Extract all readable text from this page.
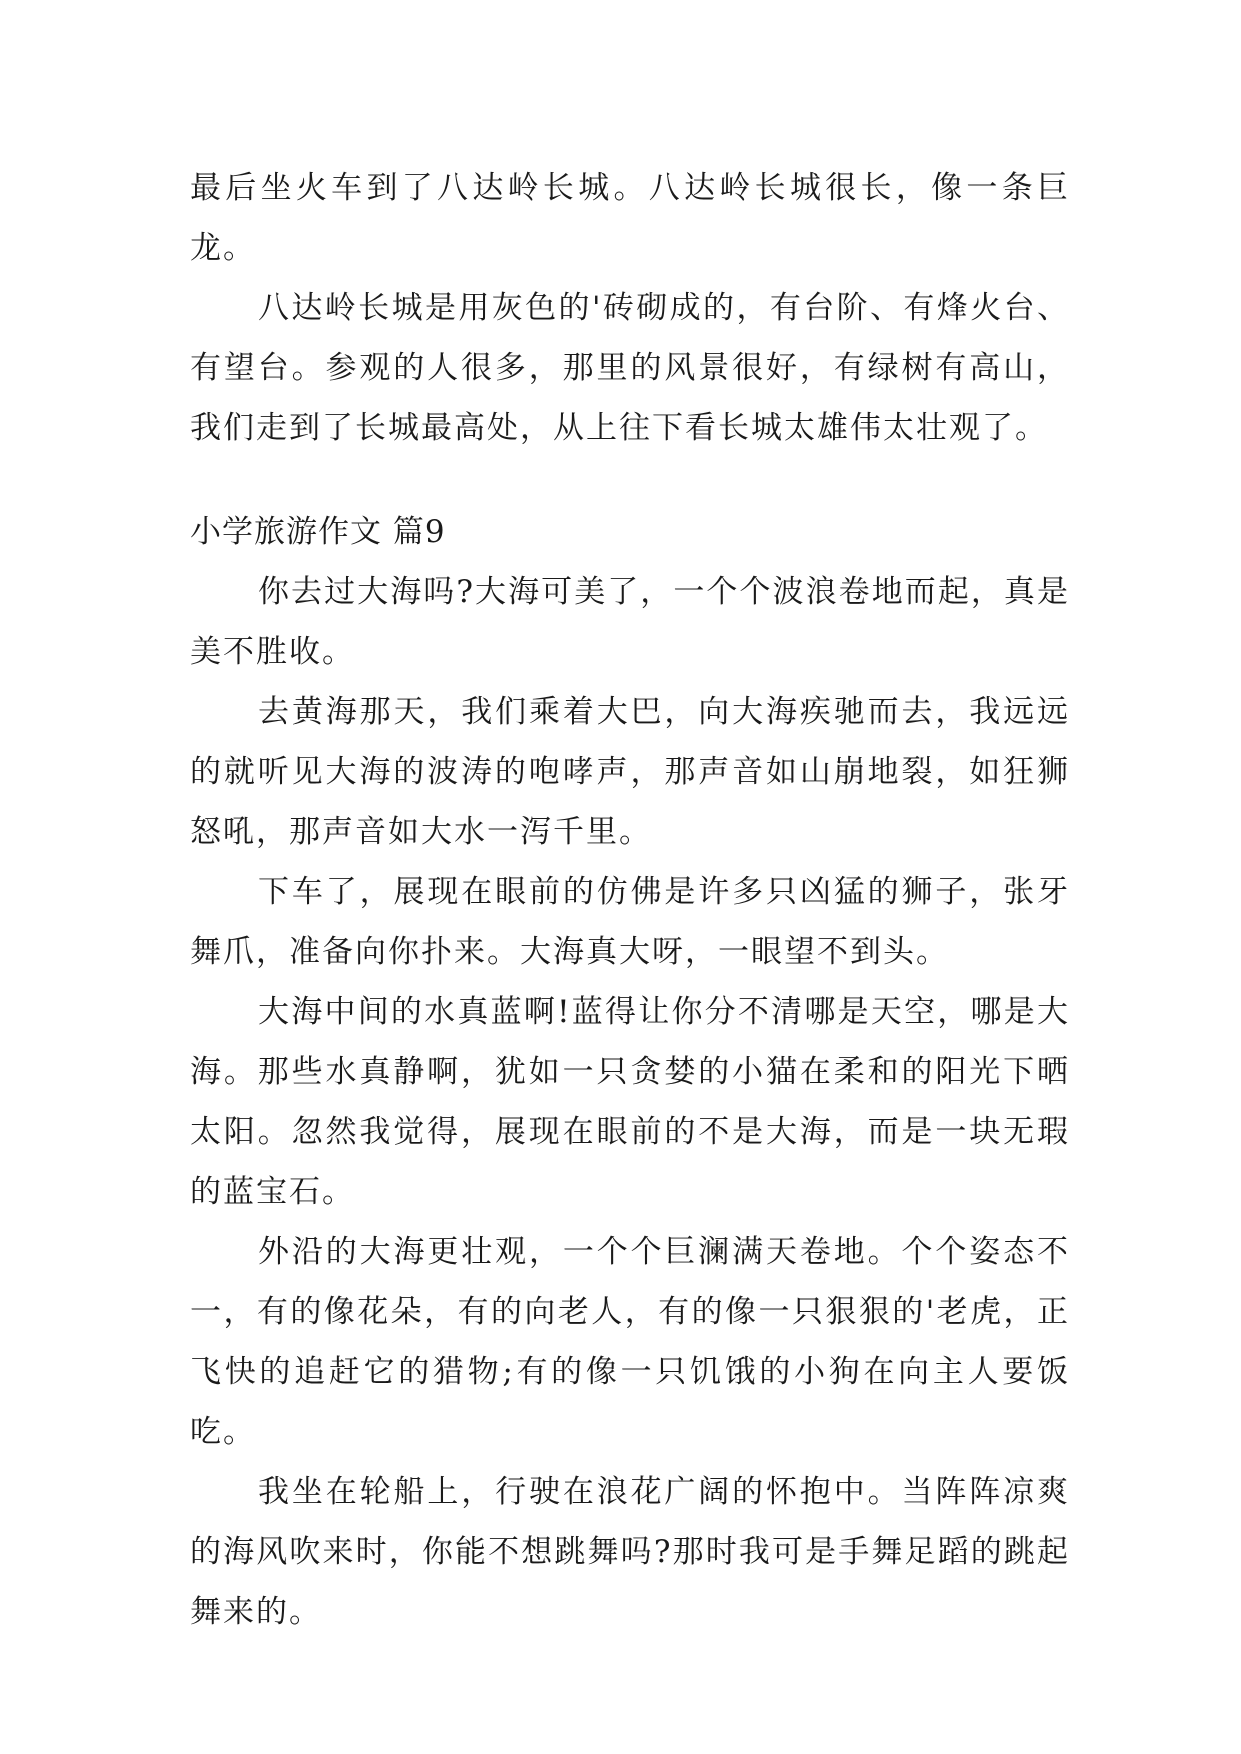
最后坐火车到了八达岭长城。八达岭长城很长，像一条巨龙。

八达岭长城是用灰色的'砖砌成的，有台阶、有烽火台、有望台。参观的人很多，那里的风景很好，有绿树有高山，我们走到了长城最高处，从上往下看长城太雄伟太壮观了。

小学旅游作文 篇9

你去过大海吗?大海可美了，一个个波浪卷地而起，真是美不胜收。

去黄海那天，我们乘着大巴，向大海疾驰而去，我远远的就听见大海的波涛的咆哮声，那声音如山崩地裂，如狂狮怒吼，那声音如大水一泻千里。

下车了，展现在眼前的仿佛是许多只凶猛的狮子，张牙舞爪，准备向你扑来。大海真大呀，一眼望不到头。

大海中间的水真蓝啊!蓝得让你分不清哪是天空，哪是大海。那些水真静啊，犹如一只贪婪的小猫在柔和的阳光下晒太阳。忽然我觉得，展现在眼前的不是大海，而是一块无瑕的蓝宝石。

外沿的大海更壮观，一个个巨澜满天卷地。个个姿态不一，有的像花朵，有的向老人，有的像一只狠狠的'老虎，正飞快的追赶它的猎物;有的像一只饥饿的小狗在向主人要饭吃。

我坐在轮船上，行驶在浪花广阔的怀抱中。当阵阵凉爽的海风吹来时，你能不想跳舞吗?那时我可是手舞足蹈的跳起舞来的。
